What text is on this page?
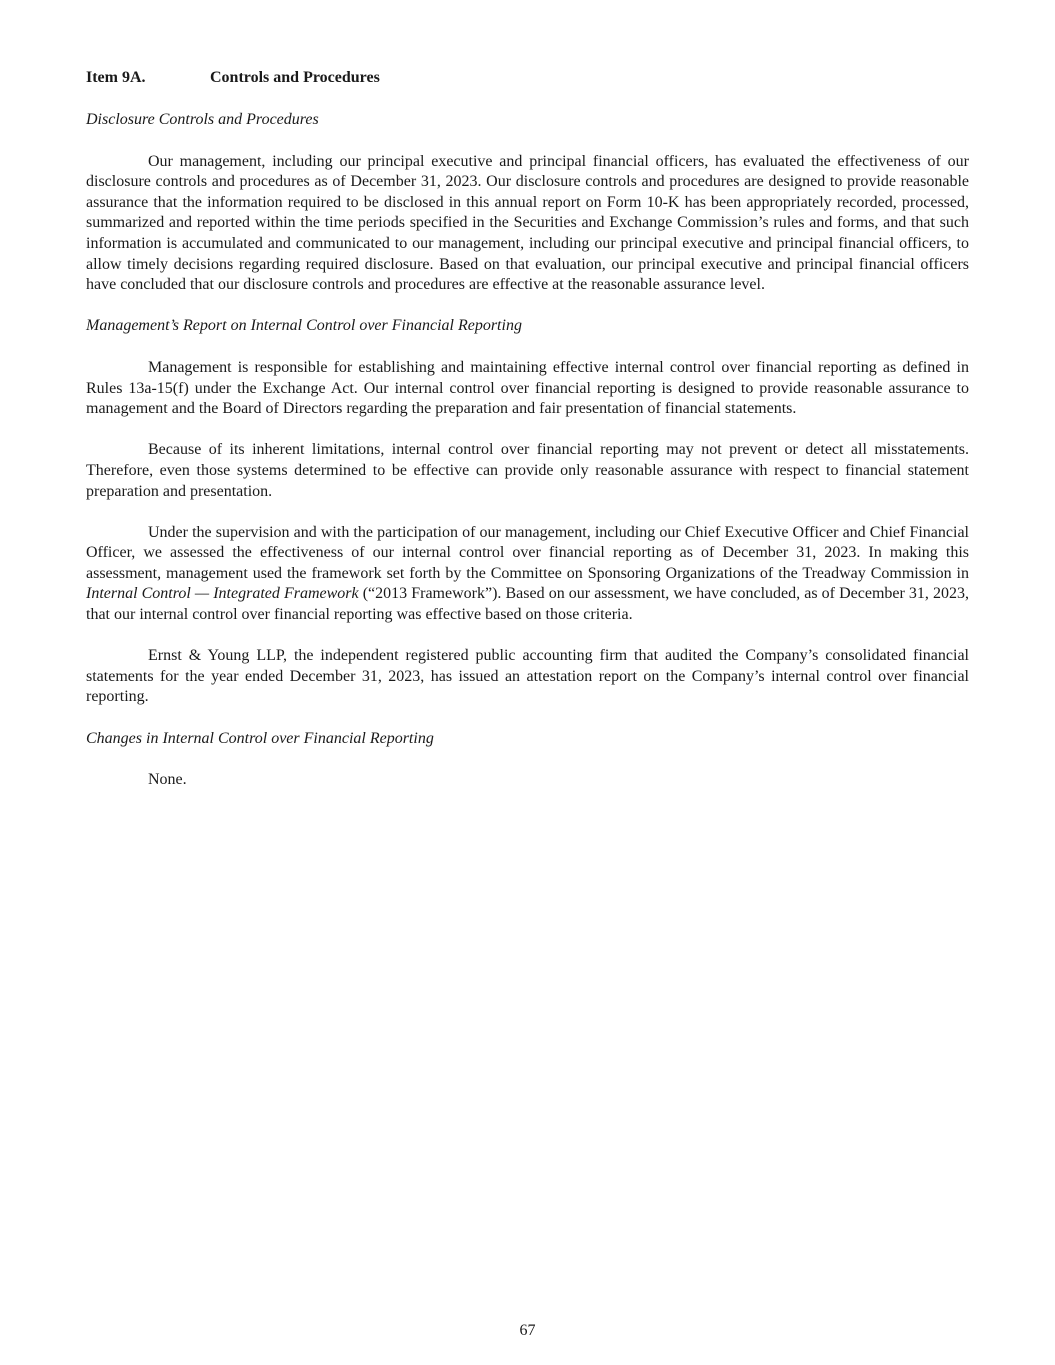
Item 9A.	Controls and Procedures
Disclosure Controls and Procedures

Our management, including our principal executive and principal financial officers, has evaluated the effectiveness of our disclosure controls and procedures as of December 31, 2023. Our disclosure controls and procedures are designed to provide reasonable assurance that the information required to be disclosed in this annual report on Form 10-K has been appropriately recorded, processed, summarized and reported within the time periods specified in the Securities and Exchange Commission’s rules and forms, and that such information is accumulated and communicated to our management, including our principal executive and principal financial officers, to allow timely decisions regarding required disclosure. Based on that evaluation, our principal executive and principal financial officers have concluded that our disclosure controls and procedures are effective at the reasonable assurance level.

Management’s Report on Internal Control over Financial Reporting

Management is responsible for establishing and maintaining effective internal control over financial reporting as defined in Rules 13a-15(f) under the Exchange Act. Our internal control over financial reporting is designed to provide reasonable assurance to management and the Board of Directors regarding the preparation and fair presentation of financial statements.

Because of its inherent limitations, internal control over financial reporting may not prevent or detect all misstatements. Therefore, even those systems determined to be effective can provide only reasonable assurance with respect to financial statement preparation and presentation.

Under the supervision and with the participation of our management, including our Chief Executive Officer and Chief Financial Officer, we assessed the effectiveness of our internal control over financial reporting as of December 31, 2023. In making this assessment, management used the framework set forth by the Committee on Sponsoring Organizations of the Treadway Commission in Internal Control — Integrated Framework (“2013 Framework”). Based on our assessment, we have concluded, as of December 31, 2023, that our internal control over financial reporting was effective based on those criteria.

Ernst & Young LLP, the independent registered public accounting firm that audited the Company’s consolidated financial statements for the year ended December 31, 2023, has issued an attestation report on the Company’s internal control over financial reporting.

Changes in Internal Control over Financial Reporting

None.

67
